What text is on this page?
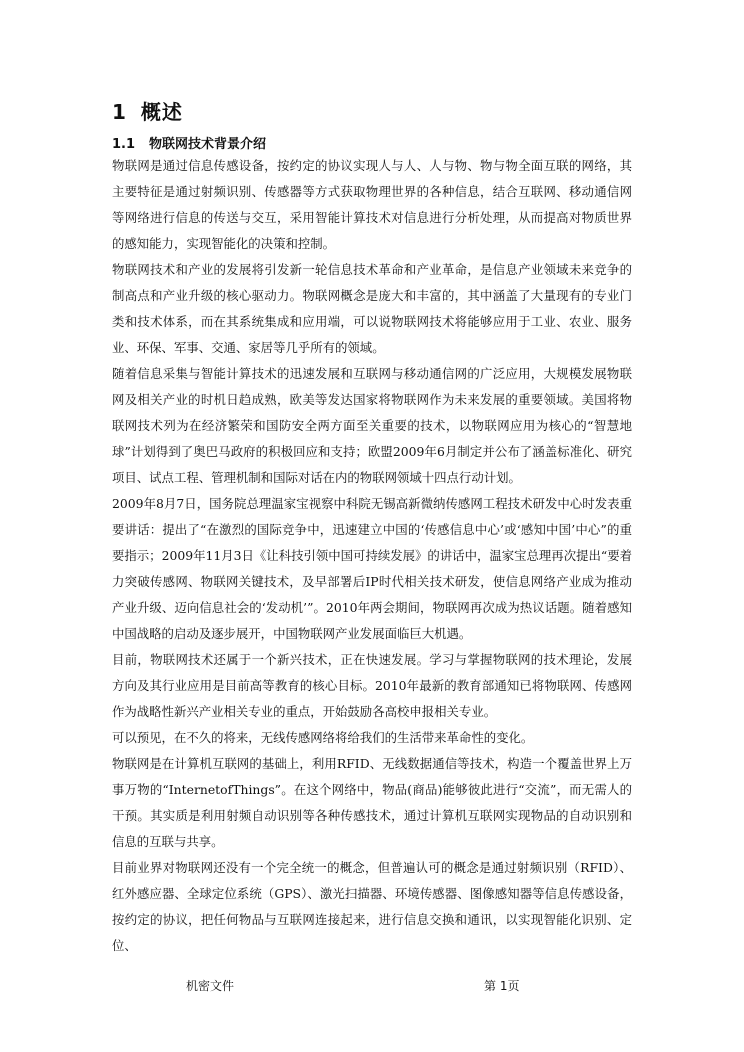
1 概述
1.1 物联网技术背景介绍

物联网是通过信息传感设备，按约定的协议实现人与人、人与物、物与物全面互联的网络，其主要特征是通过射频识别、传感器等方式获取物理世界的各种信息，结合互联网、移动通信网等网络进行信息的传送与交互，采用智能计算技术对信息进行分析处理，从而提高对物质世界的感知能力，实现智能化的决策和控制。

物联网技术和产业的发展将引发新一轮信息技术革命和产业革命，是信息产业领域未来竞争的制高点和产业升级的核心驱动力。物联网概念是庞大和丰富的，其中涵盖了大量现有的专业门类和技术体系，而在其系统集成和应用端，可以说物联网技术将能够应用于工业、农业、服务业、环保、军事、交通、家居等几乎所有的领域。

随着信息采集与智能计算技术的迅速发展和互联网与移动通信网的广泛应用，大规模发展物联网及相关产业的时机日趋成熟，欧美等发达国家将物联网作为未来发展的重要领域。美国将物联网技术列为在经济繁荣和国防安全两方面至关重要的技术，以物联网应用为核心的“智慧地球”计划得到了奥巴马政府的积极回应和支持；欧盟2009年6月制定并公布了涵盖标准化、研究项目、试点工程、管理机制和国际对话在内的物联网领域十四点行动计划。

2009年8月7日，国务院总理温家宝视察中科院无锡高新微纳传感网工程技术研发中心时发表重要讲话：提出了“在激烈的国际竞争中，迅速建立中国的‘传感信息中心’或‘感知中国’中心”的重要指示；2009年11月3日《让科技引领中国可持续发展》的讲话中，温家宝总理再次提出“要着力突破传感网、物联网关键技术，及早部署后IP时代相关技术研发，使信息网络产业成为推动产业升级、迈向信息社会的‘发动机’”。2010年两会期间，物联网再次成为热议话题。随着感知中国战略的启动及逐步展开，中国物联网产业发展面临巨大机遇。

目前，物联网技术还属于一个新兴技术，正在快速发展。学习与掌握物联网的技术理论，发展方向及其行业应用是目前高等教育的核心目标。2010年最新的教育部通知已将物联网、传感网作为战略性新兴产业相关专业的重点，开始鼓励各高校申报相关专业。

可以预见，在不久的将来，无线传感网络将给我们的生活带来革命性的变化。

物联网是在计算机互联网的基础上，利用RFID、无线数据通信等技术，构造一个覆盖世界上万事万物的“InternetofThings”。在这个网络中，物品(商品)能够彼此进行“交流”，而无需人的干预。其实质是利用射频自动识别等各种传感技术，通过计算机互联网实现物品的自动识别和信息的互联与共享。

目前业界对物联网还没有一个完全统一的概念，但普遍认可的概念是通过射频识别（RFID）、红外感应器、全球定位系统（GPS）、激光扫描器、环境传感器、图像感知器等信息传感设备，按约定的协议，把任何物品与互联网连接起来，进行信息交换和通讯，以实现智能化识别、定位、

机密文件	第 1页
